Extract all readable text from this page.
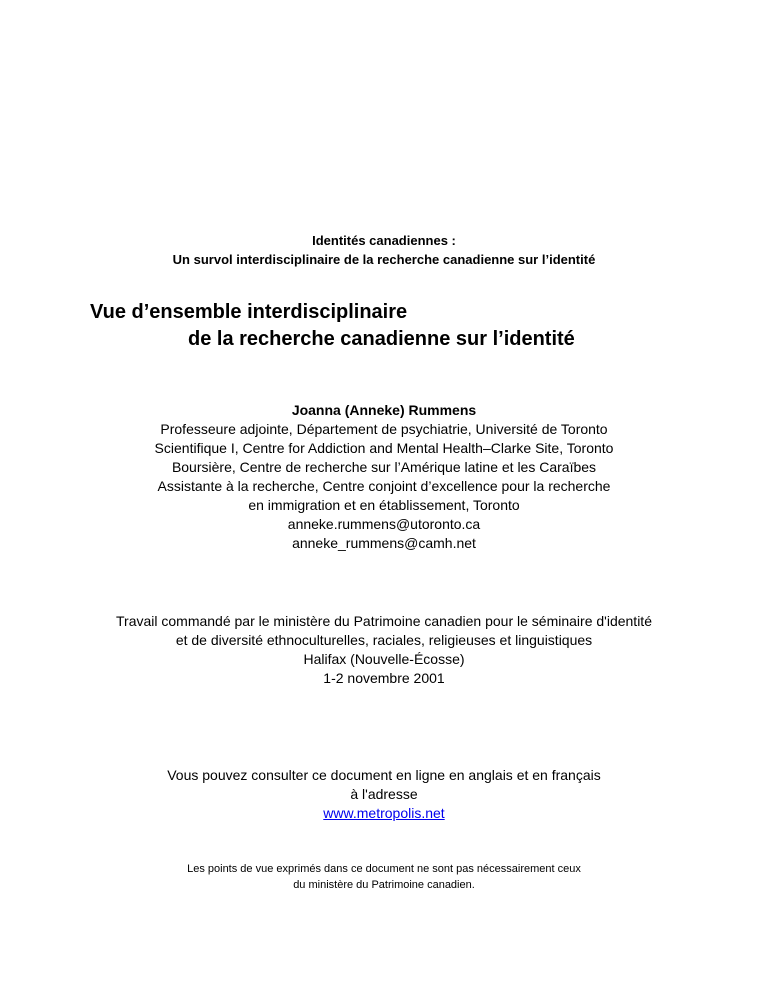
Identités canadiennes :

Un survol interdisciplinaire de la recherche canadienne sur l’identité

Vue d’ensemble interdisciplinaire

de la recherche canadienne sur l’identité

Joanna (Anneke) Rummens

Professeure adjointe, Département de psychiatrie, Université de Toronto

Scientifique I, Centre for Addiction and Mental Health–Clarke Site, Toronto

Boursière, Centre de recherche sur l’Amérique latine et les Caraïbes

Assistante à la recherche, Centre conjoint d’excellence pour la recherche

en immigration et en établissement, Toronto

anneke.rummens@utoronto.ca

anneke_rummens@camh.net

Travail commandé par le ministère du Patrimoine canadien pour le séminaire d'identité

et de diversité ethnoculturelles, raciales, religieuses et linguistiques

Halifax (Nouvelle-Écosse)

1-2 novembre 2001

Vous pouvez consulter ce document en ligne en anglais et en français

à l'adresse

www.metropolis.net

Les points de vue exprimés dans ce document ne sont pas nécessairement ceux

du ministère du Patrimoine canadien.
